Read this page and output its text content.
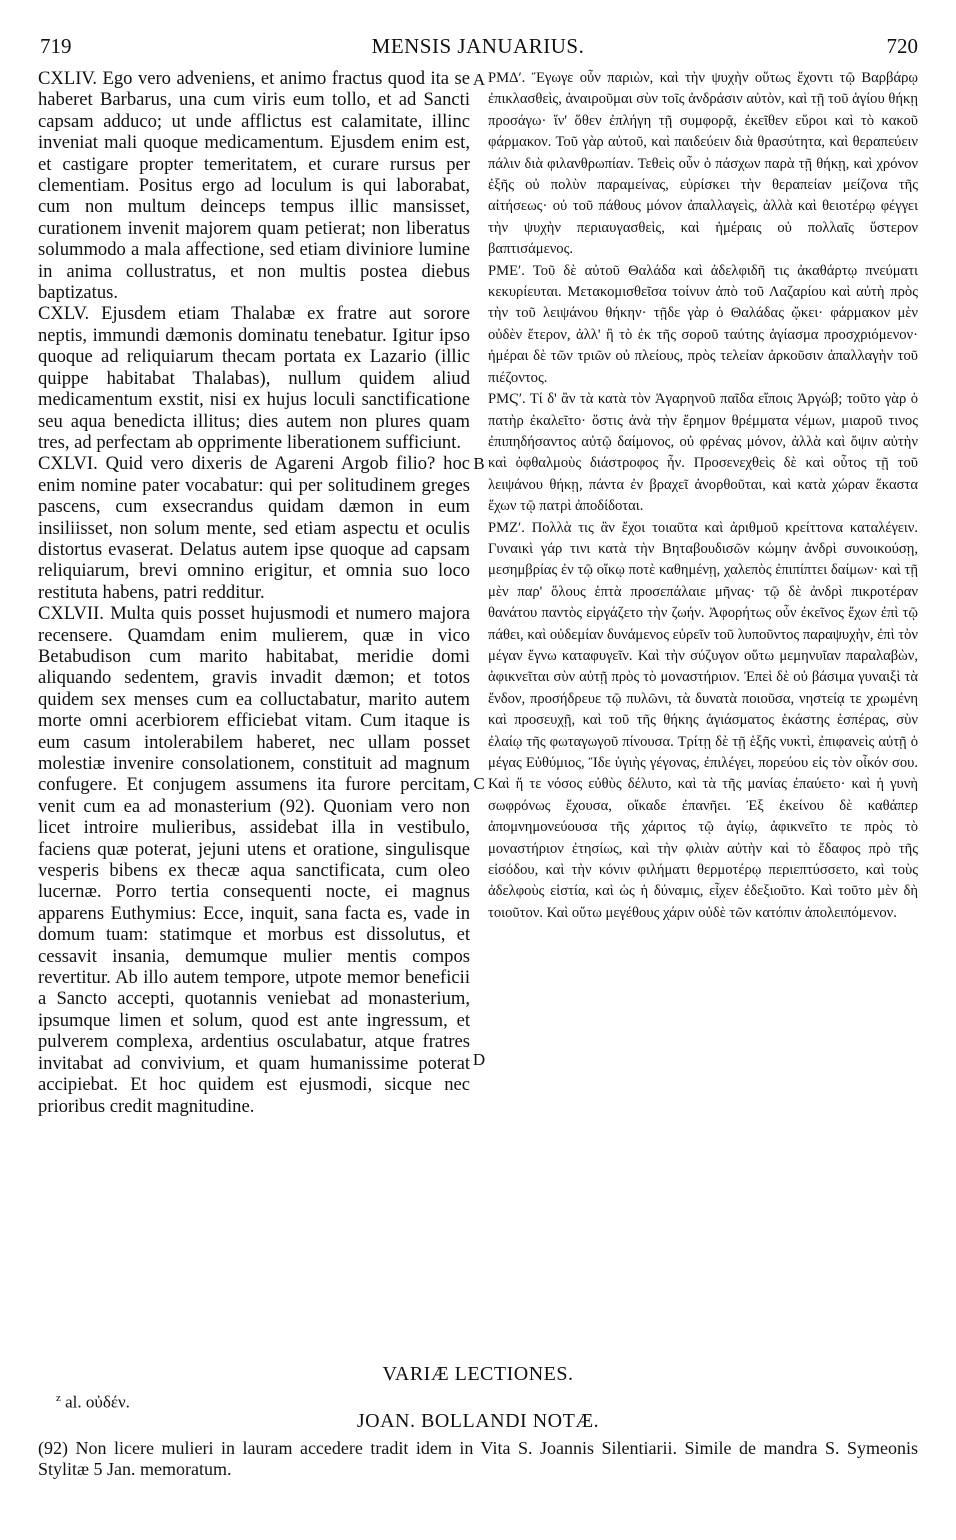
719	MENSIS JANUARIUS.	720

CXLIV. Ego vero adveniens, et animo fractus quod ita se haberet Barbarus, una cum viris eum tollo, et ad Sancti capsam adduco; ut unde afflictus est calamitate, illinc inveniat mali quoque medicamentum. Ejusdem enim est, et castigare propter temeritatem, et curare rursus per clementiam. Positus ergo ad loculum is qui laborabat, cum non multum deinceps tempus illic mansisset, curationem invenit majorem quam petierat; non liberatus solummodo a mala affectione, sed etiam diviniore lumine in anima collustratus, et non multis postea diebus baptizatus.

CXLV. Ejusdem etiam Thalabæ ex fratre aut sorore neptis, immundi dæmonis dominatu tenebatur. Igitur ipso quoque ad reliquiarum thecam portata ex Lazario (illic quippe habitabat Thalabas), nullum quidem aliud medicamentum exstit, nisi ex hujus loculi sanctificatione seu aqua benedicta illitus; dies autem non plures quam tres, ad perfectam ab opprimente liberationem sufficiunt.

CXLVI. Quid vero dixeris de Agareni Argob filio? hoc enim nomine pater vocabatur: qui per solitudinem greges pascens, cum exsecrandus quidam dæmon in eum insiliisset, non solum mente, sed etiam aspectu et oculis distortus evaserat. Delatus autem ipse quoque ad capsam reliquiarum, brevi omnino erigitur, et omnia suo loco restituta habens, patri redditur.

CXLVII. Multa quis posset hujusmodi et numero majora recensere. Quamdam enim mulierem, quæ in vico Betabudison cum marito habitabat, meridie domi aliquando sedentem, gravis invadit dæmon; et totos quidem sex menses cum ea colluctabatur, marito autem morte omni acerbiorem efficiebat vitam. Cum itaque is eum casum intolerabilem haberet, nec ullam posset molestiæ invenire consolationem, constituit ad magnum confugere. Et conjugem assumens ita furore percitam, venit cum ea ad monasterium (92). Quoniam vero non licet introire mulieribus, assidebat illa in vestibulo, faciens quæ poterat, jejuni utens et oratione, singulisque vesperis bibens ex thecæ aqua sanctificata, cum oleo lucernæ. Porro tertia consequenti nocte, ei magnus apparens Euthymius: Ecce, inquit, sana facta es, vade in domum tuam: statimque et morbus est dissolutus, et cessavit insania, demumque mulier mentis compos revertitur. Ab illo autem tempore, utpote memor beneficii a Sancto accepti, quotannis veniebat ad monasterium, ipsumque limen et solum, quod est ante ingressum, et pulverem complexa, ardentius osculabatur, atque fratres invitabat ad convivium, et quam humanissime poterat accipiebat. Et hoc quidem est ejusmodi, sicque nec prioribus credit magnitudine.

A
B
C
D

ΡΜΔʹ. Ἔγωγε οὖν παριὼν, καὶ τὴν ψυχὴν οὕτως ἔχοντι τῷ Βαρβάρῳ ἐπικλασθεὶς, ἀναιροῦμαι σὺν τοῖς ἀνδράσιν αὐτὸν, καὶ τῇ τοῦ ἁγίου θήκῃ προσάγω· ἵν' ὅθεν ἐπλήγη τῇ συμφορᾷ, ἐκεῖθεν εὕροι καὶ τὸ κακοῦ φάρμακον. Τοῦ γὰρ αὐτοῦ, καὶ παιδεύειν διὰ θρασύτητα, καὶ θεραπεύειν πάλιν διὰ φιλανθρωπίαν. Τεθεὶς οὖν ὁ πάσχων παρὰ τῇ θήκῃ, καὶ χρόνον ἐξῆς οὐ πολὺν παραμείνας, εὑρίσκει τὴν θεραπείαν μείζονα τῆς αἰτήσεως· οὐ τοῦ πάθους μόνον ἀπαλλαγεὶς, ἀλλὰ καὶ θειοτέρῳ φέγγει τὴν ψυχὴν περιαυγασθεὶς, καὶ ἡμέραις οὐ πολλαῖς ὕστερον βαπτισάμενος.

ΡΜΕʹ. Τοῦ δὲ αὐτοῦ Θαλάδα καὶ ἀδελφιδῆ τις ἀκαθάρτῳ πνεύματι κεκυρίευται. Μετακομισθεῖσα τοίνυν ἀπὸ τοῦ Λαζαρίου καὶ αὐτὴ πρὸς τὴν τοῦ λειψάνου θήκην· τῇδε γὰρ ὁ Θαλάδας ᾤκει· φάρμακον μὲν οὐδὲν ἕτερον, ἀλλ' ἢ τὸ ἐκ τῆς σοροῦ ταύτης ἁγίασμα προσχριόμενον· ἡμέραι δὲ τῶν τριῶν οὐ πλείους, πρὸς τελείαν ἀρκοῦσιν ἀπαλλαγὴν τοῦ πιέζοντος.

ΡΜϚʹ. Τί δ' ἂν τὰ κατὰ τὸν Ἀγαρηνοῦ παῖδα εἴποις Ἀργώβ; τοῦτο γὰρ ὁ πατὴρ ἐκαλεῖτο· ὅστις ἀνὰ τὴν ἔρημον θρέμματα νέμων, μιαροῦ τινος ἐπιπηδήσαντος αὐτῷ δαίμονος, οὐ φρένας μόνον, ἀλλὰ καὶ ὄψιν αὐτὴν καὶ ὀφθαλμοὺς διάστροφος ἦν. Προσενεχθεὶς δὲ καὶ οὗτος τῇ τοῦ λειψάνου θήκῃ, πάντα ἐν βραχεῖ ἀνορθοῦται, καὶ κατὰ χώραν ἕκαστα ἔχων τῷ πατρὶ ἀποδίδοται.

ΡΜΖʹ. Πολλὰ τις ἂν ἔχοι τοιαῦτα καὶ ἀριθμοῦ κρείττονα καταλέγειν. Γυναικὶ γάρ τινι κατὰ τὴν Βηταβουδισῶν κώμην ἀνδρὶ συνοικούσῃ, μεσημβρίας ἐν τῷ οἴκῳ ποτὲ καθημένῃ, χαλεπὸς ἐπιπίπτει δαίμων· καὶ τῇ μὲν παρ' ὅλους ἑπτὰ προσεπάλαιε μῆνας· τῷ δὲ ἀνδρὶ πικροτέραν θανάτου παντὸς εἰργάζετο τὴν ζωήν. Ἀφορήτως οὖν ἐκεῖνος ἔχων ἐπὶ τῷ πάθει, καὶ οὐδεμίαν δυνάμενος εὑρεῖν τοῦ λυποῦντος παραψυχὴν, ἐπὶ τὸν μέγαν ἔγνω καταφυγεῖν. Καὶ τὴν σύζυγον οὕτω μεμηνυῖαν παραλαβὼν, ἀφικνεῖται σὺν αὐτῇ πρὸς τὸ μοναστήριον. Ἐπεὶ δὲ οὐ βάσιμα γυναιξὶ τὰ ἔνδον, προσήδρευε τῷ πυλῶνι, τὰ δυνατὰ ποιοῦσα, νηστείᾳ τε χρωμένη καὶ προσευχῇ, καὶ τοῦ τῆς θήκης ἁγιάσματος ἑκάστης ἑσπέρας, σὺν ἐλαίῳ τῆς φωταγωγοῦ πίνουσα. Τρίτῃ δὲ τῇ ἑξῆς νυκτὶ, ἐπιφανεὶς αὐτῇ ὁ μέγας Εὐθύμιος, Ἴδε ὑγιὴς γέγονας, ἐπιλέγει, πορεύου εἰς τὸν οἶκόν σου. Καὶ ἥ τε νόσος εὐθὺς δέλυτο, καὶ τὰ τῆς μανίας ἐπαύετο· καὶ ἡ γυνὴ σωφρόνως ἔχουσα, οἴκαδε ἐπανῆει. Ἐξ ἐκείνου δὲ καθάπερ ἀπομνημονεύουσα τῆς χάριτος τῷ ἁγίῳ, ἀφικνεῖτο τε πρὸς τὸ μοναστήριον ἐτησίως, καὶ τὴν φλιὰν αὐτὴν καὶ τὸ ἔδαφος πρὸ τῆς εἰσόδου, καὶ τὴν κόνιν φιλήματι θερμοτέρῳ περιεπτύσσετο, καὶ τοὺς ἀδελφοὺς εἱστία, καὶ ὡς ἡ δύναμις, εἶχεν ἐδεξιοῦτο. Καὶ τοῦτο μὲν δὴ τοιοῦτον. Καὶ οὕτω μεγέθους χάριν οὐδὲ τῶν κατόπιν ἀπολειπόμενον.

VARIÆ LECTIONES.
$^z$ al. οὐδέν.
JOAN. BOLLANDI NOTÆ.
(92) Non licere mulieri in lauram accedere tradit idem in Vita S. Joannis Silentiarii. Simile de mandra S. Symeonis Stylitæ 5 Jan. memoratum.
